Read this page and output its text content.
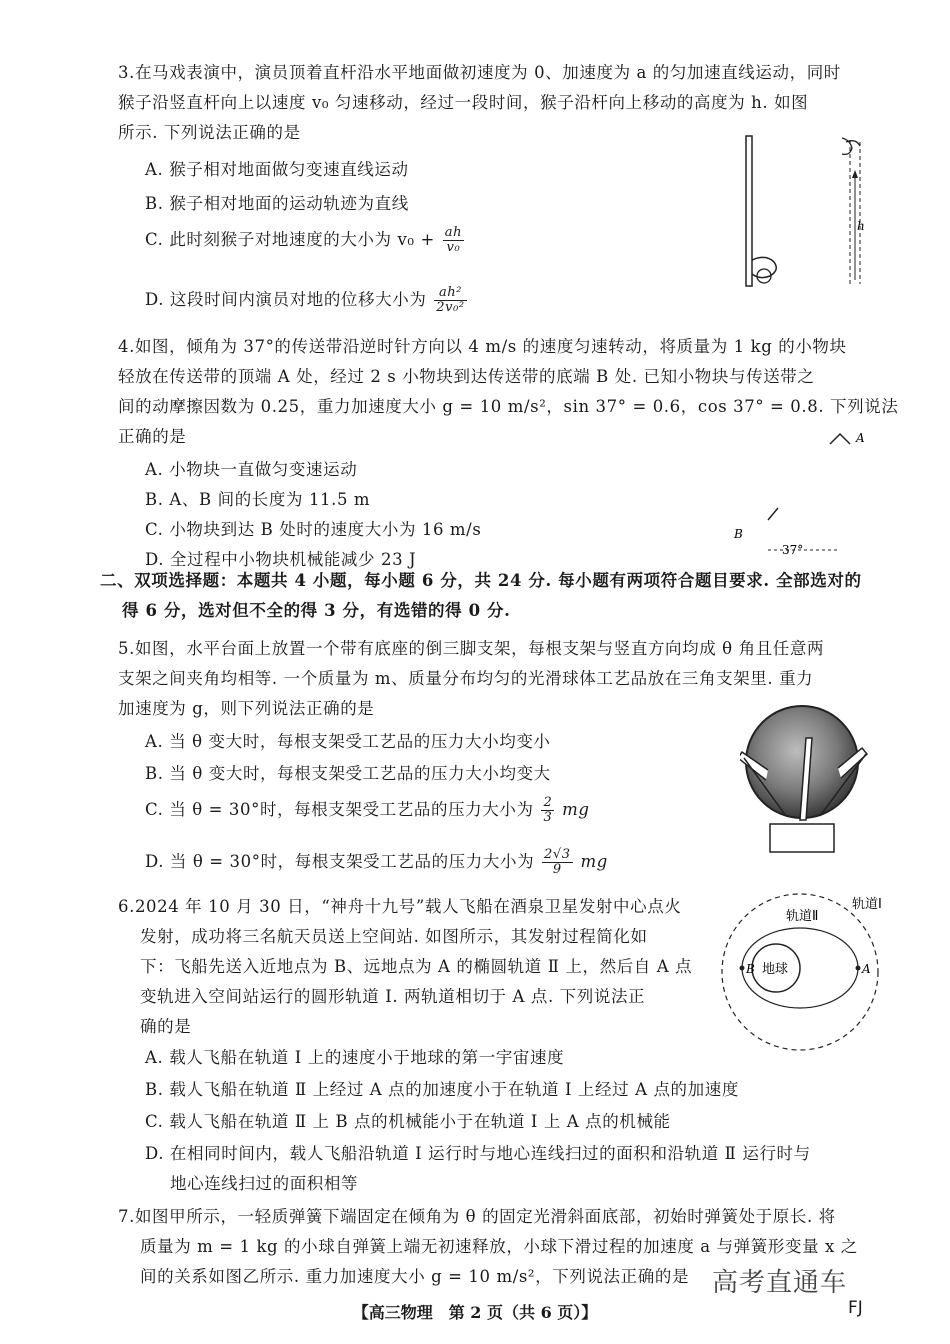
3.在马戏表演中，演员顶着直杆沿水平地面做初速度为 0、加速度为 a 的匀加速直线运动，同时
猴子沿竖直杆向上以速度 v₀ 匀速移动，经过一段时间，猴子沿杆向上移动的高度为 h. 如图
所示. 下列说法正确的是
A. 猴子相对地面做匀变速直线运动
B. 猴子相对地面的运动轨迹为直线
C. 此时刻猴子对地速度的大小为 $v_0 + \frac{ah}{\text{v₀}}$
D. 这段时间内演员对地的位移大小为 $\frac{\text{ah²}}{\text{2v₀²}}$
h
4.如图，倾角为 37°的传送带沿逆时针方向以 4 m/s 的速度匀速转动，将质量为 1 kg 的小物块
轻放在传送带的顶端 A 处，经过 2 s 小物块到达传送带的底端 B 处. 已知小物块与传送带之
间的动摩擦因数为 0.25，重力加速度大小 g = 10 m/s²，sin 37° = 0.6，cos 37° = 0.8. 下列说法
正确的是
A. 小物块一直做匀变速运动
B. A、B 间的长度为 11.5 m
C. 小物块到达 B 处时的速度大小为 16 m/s
D. 全过程中小物块机械能减少 23 J
A
B
37°
二、双项选择题：本题共 4 小题，每小题 6 分，共 24 分. 每小题有两项符合题目要求. 全部选对的
得 6 分，选对但不全的得 3 分，有选错的得 0 分.
5.如图，水平台面上放置一个带有底座的倒三脚支架，每根支架与竖直方向均成 θ 角且任意两
支架之间夹角均相等. 一个质量为 m、质量分布均匀的光滑球体工艺品放在三角支架里. 重力
加速度为 g，则下列说法正确的是
A. 当 θ 变大时，每根支架受工艺品的压力大小均变小
B. 当 θ 变大时，每根支架受工艺品的压力大小均变大
C. 当 θ = 30°时，每根支架受工艺品的压力大小为 $\frac{2}{3}$ mg
D. 当 θ = 30°时，每根支架受工艺品的压力大小为 $\frac{2√3}{9}$ mg
6.2024 年 10 月 30 日，“神舟十九号”载人飞船在酒泉卫星发射中心点火
发射，成功将三名航天员送上空间站. 如图所示，其发射过程简化如
下：飞船先送入近地点为 B、远地点为 A 的椭圆轨道 Ⅱ 上，然后自 A 点
变轨进入空间站运行的圆形轨道 Ⅰ. 两轨道相切于 A 点. 下列说法正
确的是
A. 载人飞船在轨道 Ⅰ 上的速度小于地球的第一宇宙速度
B. 载人飞船在轨道 Ⅱ 上经过 A 点的加速度小于在轨道 Ⅰ 上经过 A 点的加速度
C. 载人飞船在轨道 Ⅱ 上 B 点的机械能小于在轨道 Ⅰ 上 A 点的机械能
D. 在相同时间内，载人飞船沿轨道 Ⅰ 运行时与地心连线扫过的面积和沿轨道 Ⅱ 运行时与
地心连线扫过的面积相等
地球
轨道Ⅱ
轨道Ⅰ
B	A
7.如图甲所示，一轻质弹簧下端固定在倾角为 θ 的固定光滑斜面底部，初始时弹簧处于原长. 将
质量为 m = 1 kg 的小球自弹簧上端无初速释放，小球下滑过程的加速度 a 与弹簧形变量 x 之
间的关系如图乙所示. 重力加速度大小 g = 10 m/s²，下列说法正确的是 高考直通车
【高三物理　第 2 页（共 6 页）】	FJ
